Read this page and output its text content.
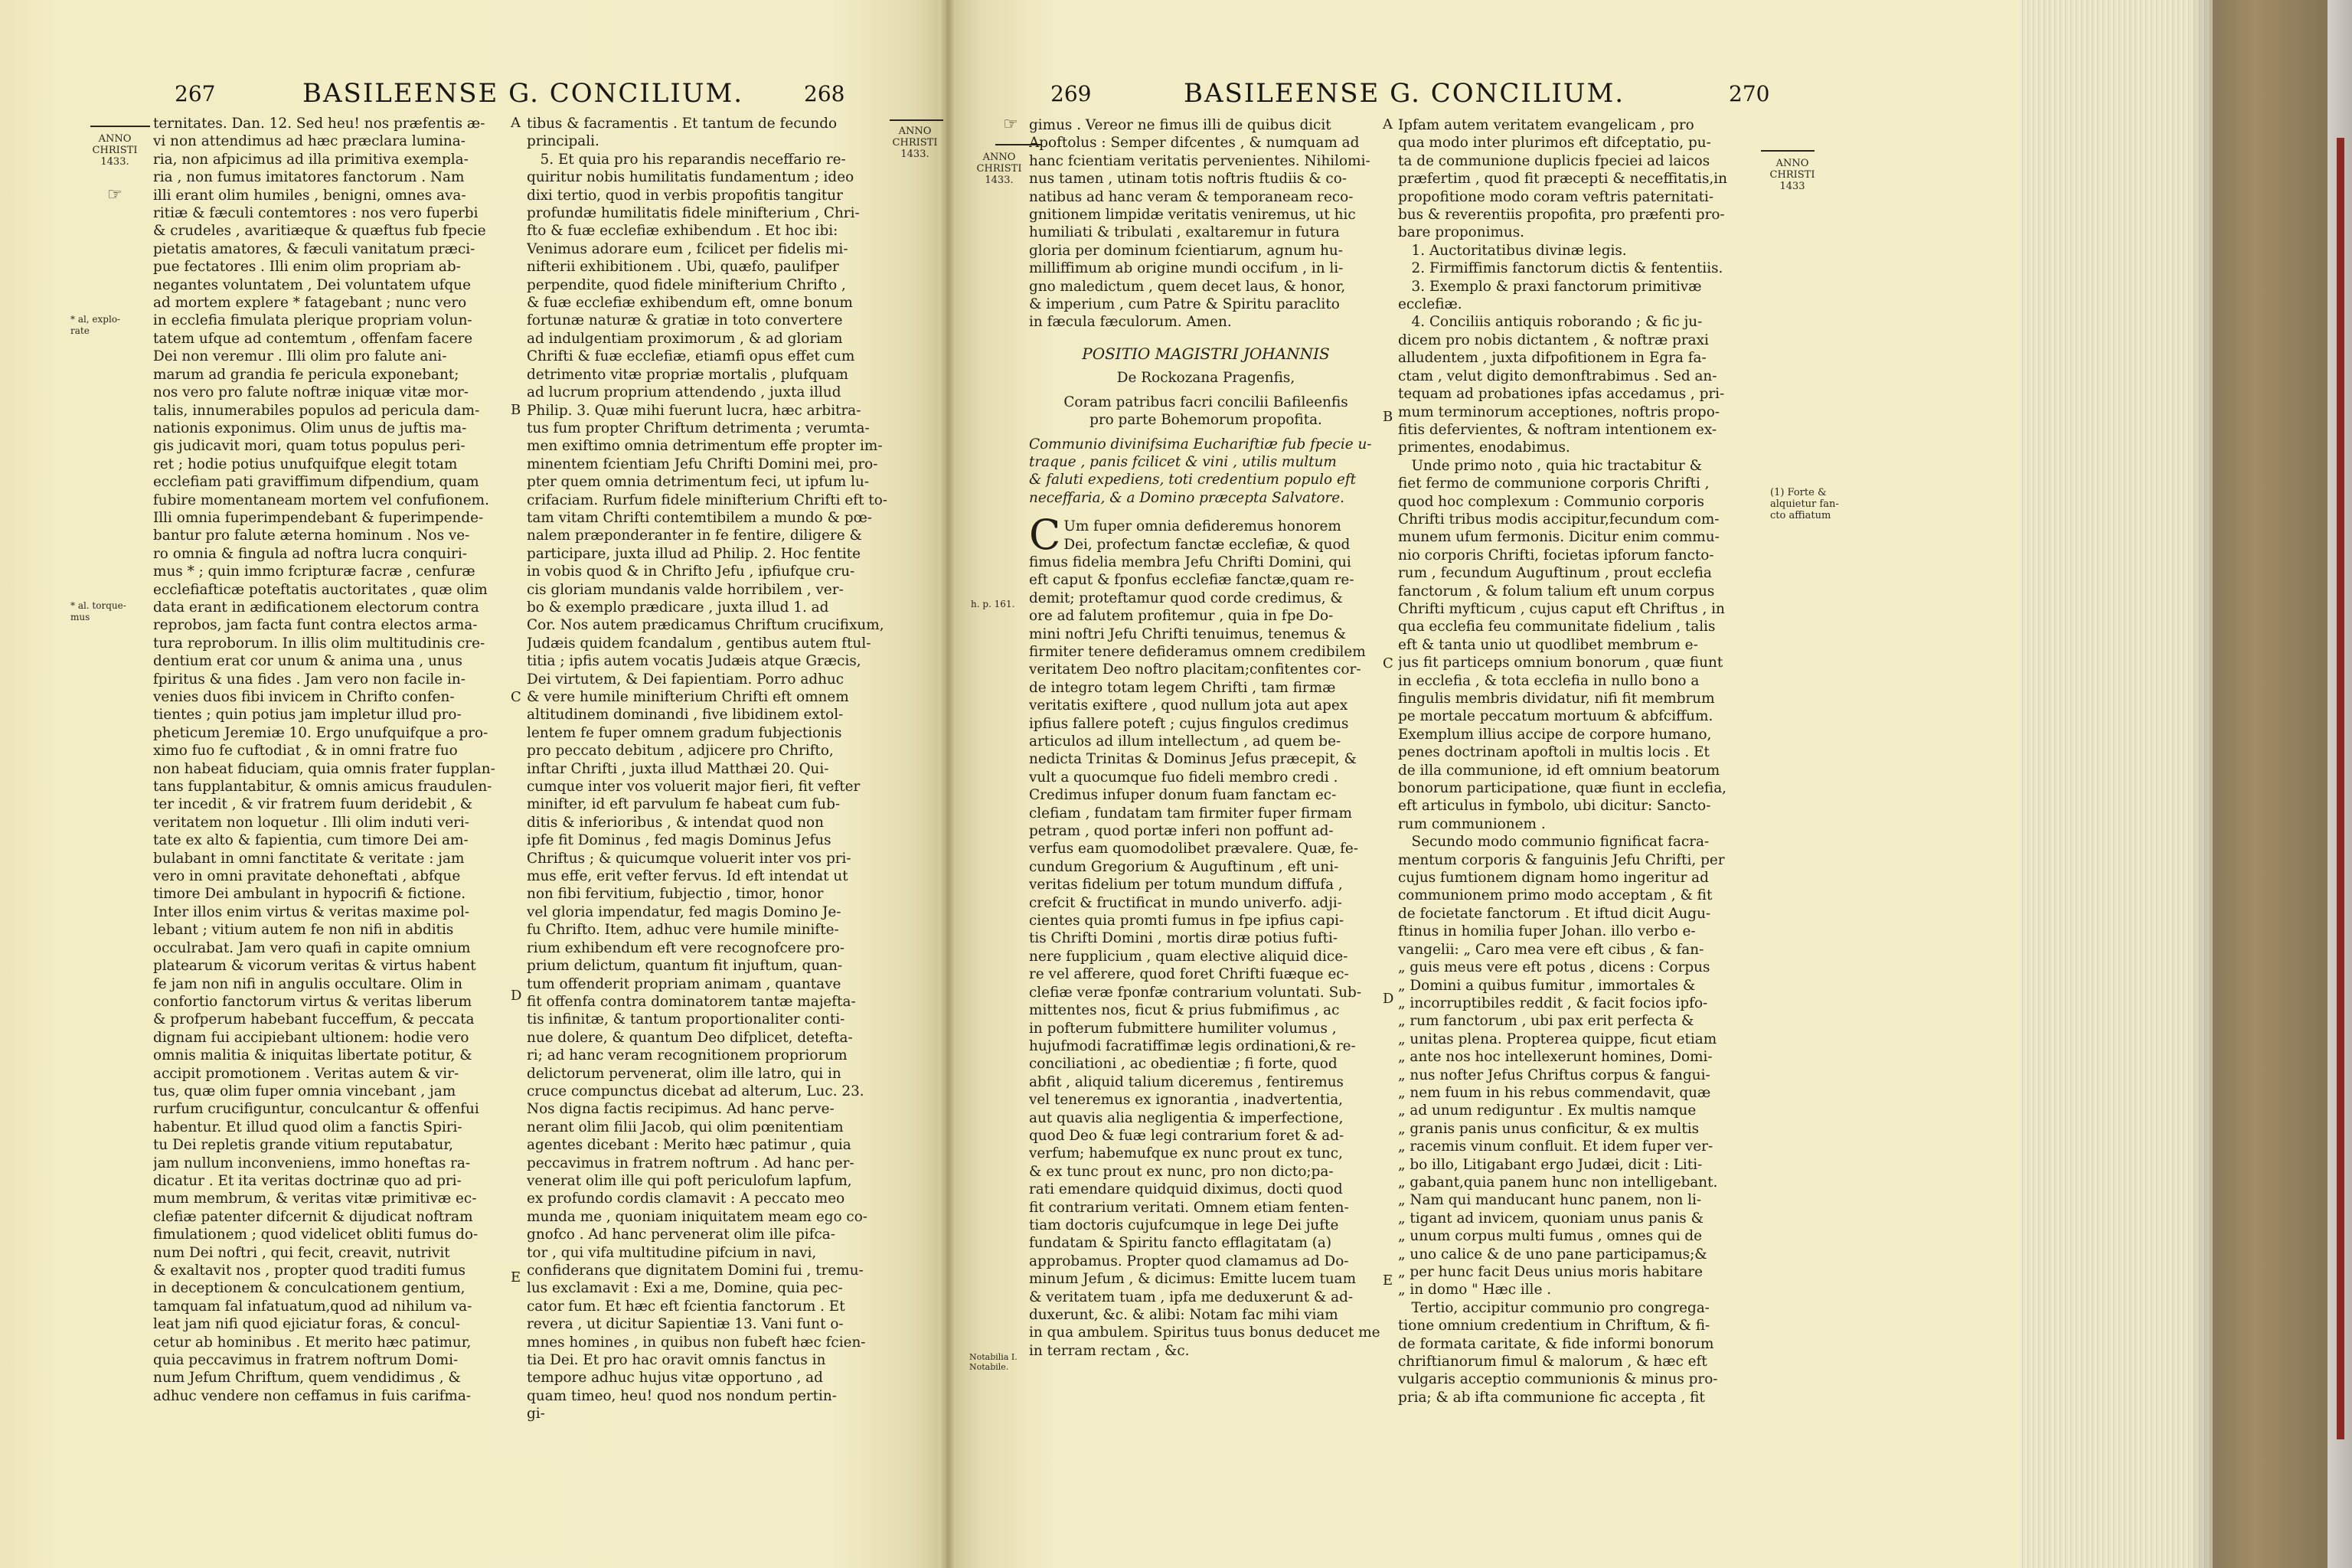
267	BASILEENSE G. CONCILIUM.	268
ANNO
CHRISTI
1433.
☞
* al, explo-
rate
* al. torque-
mus
ANNO
CHRISTI
1433.

ternitates. Dan. 12. Sed heu! nos præfentis æ-
vi non attendimus ad hæc præclara lumina-
ria, non afpicimus ad illa primitiva exempla-
ria , non fumus imitatores fanctorum . Nam
illi erant olim humiles , benigni, omnes ava-
ritiæ & fæculi contemtores : nos vero fuperbi
& crudeles , avaritiæque & quæftus fub fpecie
pietatis amatores, & fæculi vanitatum præci-
pue fectatores . Illi enim olim propriam ab-
negantes voluntatem , Dei voluntatem ufque
ad mortem explere * fatagebant ; nunc vero
in ecclefia fimulata plerique propriam volun-
tatem ufque ad contemtum , offenfam facere
Dei non veremur . Illi olim pro falute ani-
marum ad grandia fe pericula exponebant;
nos vero pro falute noftræ iniquæ vitæ mor-
talis, innumerabiles populos ad pericula dam-
nationis exponimus. Olim unus de juftis ma-
gis judicavit mori, quam totus populus peri-
ret ; hodie potius unufquifque elegit totam
ecclefiam pati graviffimum difpendium, quam
fubire momentaneam mortem vel confufionem.
Illi omnia fuperimpendebant & fuperimpende-
bantur pro falute æterna hominum . Nos ve-
ro omnia & fingula ad noftra lucra conquiri-
mus * ; quin immo fcripturæ facræ , cenfuræ
ecclefiafticæ poteftatis auctoritates , quæ olim
data erant in ædificationem electorum contra
reprobos, jam facta funt contra electos arma-
tura reproborum. In illis olim multitudinis cre-
dentium erat cor unum & anima una , unus
fpiritus & una fides . Jam vero non facile in-
venies duos fibi invicem in Chrifto confen-
tientes ; quin potius jam impletur illud pro-
pheticum Jeremiæ 10. Ergo unufquifque a pro-
ximo fuo fe cuftodiat , & in omni fratre fuo
non habeat fiduciam, quia omnis frater fupplan-
tans fupplantabitur, & omnis amicus fraudulen-
ter incedit , & vir fratrem fuum deridebit , &
veritatem non loquetur . Illi olim induti veri-
tate ex alto & fapientia, cum timore Dei am-
bulabant in omni fanctitate & veritate : jam
vero in omni pravitate dehoneftati , abfque
timore Dei ambulant in hypocrifi & fictione.
Inter illos enim virtus & veritas maxime pol-
lebant ; vitium autem fe non nifi in abditis
occulrabat. Jam vero quafi in capite omnium
platearum & vicorum veritas & virtus habent
fe jam non nifi in angulis occultare. Olim in
confortio fanctorum virtus & veritas liberum
& profperum habebant fucceffum, & peccata
dignam fui accipiebant ultionem: hodie vero
omnis malitia & iniquitas libertate potitur, &
accipit promotionem . Veritas autem & vir-
tus, quæ olim fuper omnia vincebant , jam
rurfum crucifiguntur, conculcantur & offenfui
habentur. Et illud quod olim a fanctis Spiri-
tu Dei repletis grande vitium reputabatur,
jam nullum inconveniens, immo honeftas ra-
dicatur . Et ita veritas doctrinæ quo ad pri-
mum membrum, & veritas vitæ primitivæ ec-
clefiæ patenter difcernit & dijudicat noftram
fimulationem ; quod videlicet obliti fumus do-
num Dei noftri , qui fecit, creavit, nutrivit
& exaltavit nos , propter quod traditi fumus
in deceptionem & conculcationem gentium,
tamquam fal infatuatum,quod ad nihilum va-
leat jam nifi quod ejiciatur foras, & concul-
cetur ab hominibus . Et merito hæc patimur,
quia peccavimus in fratrem noftrum Domi-
num Jefum Chriftum, quem vendidimus , &
adhuc vendere non ceffamus in fuis carifma-

A
B
C
D
E

tibus & facramentis . Et tantum de fecundo
principali.
5. Et quia pro his reparandis neceffario re-
quiritur nobis humilitatis fundamentum ; ideo
dixi tertio, quod in verbis propofitis tangitur
profundæ humilitatis fidele minifterium , Chri-
fto & fuæ ecclefiæ exhibendum . Et hoc ibi:
Venimus adorare eum , fcilicet per fidelis mi-
nifterii exhibitionem . Ubi, quæfo, paulifper
perpendite, quod fidele minifterium Chrifto ,
& fuæ ecclefiæ exhibendum eft, omne bonum
fortunæ naturæ & gratiæ in toto convertere
ad indulgentiam proximorum , & ad gloriam
Chrifti & fuæ ecclefiæ, etiamfi opus effet cum
detrimento vitæ propriæ mortalis , plufquam
ad lucrum proprium attendendo , juxta illud
Philip. 3. Quæ mihi fuerunt lucra, hæc arbitra-
tus fum propter Chriftum detrimenta ; verumta-
men exiftimo omnia detrimentum effe propter im-
minentem fcientiam Jefu Chrifti Domini mei, pro-
pter quem omnia detrimentum feci, ut ipfum lu-
crifaciam. Rurfum fidele minifterium Chrifti eft to-
tam vitam Chrifti contemtibilem a mundo & pœ-
nalem præponderanter in fe fentire, diligere &
participare, juxta illud ad Philip. 2. Hoc fentite
in vobis quod & in Chrifto Jefu , ipfiufque cru-
cis gloriam mundanis valde horribilem , ver-
bo & exemplo prædicare , juxta illud 1. ad
Cor. Nos autem prædicamus Chriftum crucifixum,
Judæis quidem fcandalum , gentibus autem ftul-
titia ; ipfis autem vocatis Judæis atque Græcis,
Dei virtutem, & Dei fapientiam. Porro adhuc
& vere humile minifterium Chrifti eft omnem
altitudinem dominandi , five libidinem extol-
lentem fe fuper omnem gradum fubjectionis
pro peccato debitum , adjicere pro Chrifto,
inftar Chrifti , juxta illud Matthæi 20. Qui-
cumque inter vos voluerit major fieri, fit vefter
minifter, id eft parvulum fe habeat cum fub-
ditis & inferioribus , & intendat quod non
ipfe fit Dominus , fed magis Dominus Jefus
Chriftus ; & quicumque voluerit inter vos pri-
mus effe, erit vefter fervus. Id eft intendat ut
non fibi fervitium, fubjectio , timor, honor
vel gloria impendatur, fed magis Domino Je-
fu Chrifto. Item, adhuc vere humile minifte-
rium exhibendum eft vere recognofcere pro-
prium delictum, quantum fit injuftum, quan-
tum offenderit propriam animam , quantave
fit offenfa contra dominatorem tantæ majefta-
tis infinitæ, & tantum proportionaliter conti-
nue dolere, & quantum Deo difplicet, detefta-
ri; ad hanc veram recognitionem propriorum
delictorum pervenerat, olim ille latro, qui in
cruce compunctus dicebat ad alterum, Luc. 23.
Nos digna factis recipimus. Ad hanc perve-
nerant olim filii Jacob, qui olim pœnitentiam
agentes dicebant : Merito hæc patimur , quia
peccavimus in fratrem noftrum . Ad hanc per-
venerat olim ille qui poft periculofum lapfum,
ex profundo cordis clamavit : A peccato meo
munda me , quoniam iniquitatem meam ego co-
gnofco . Ad hanc pervenerat olim ille pifca-
tor , qui vifa multitudine pifcium in navi,
confiderans que dignitatem Domini fui , tremu-
lus exclamavit : Exi a me, Domine, quia pec-
cator fum. Et hæc eft fcientia fanctorum . Et
revera , ut dicitur Sapientiæ 13. Vani funt o-
mnes homines , in quibus non fubeft hæc fcien-
tia Dei. Et pro hac oravit omnis fanctus in
tempore adhuc hujus vitæ opportuno , ad
quam timeo, heu! quod nos nondum pertin-
gi-

269	BASILEENSE G. CONCILIUM.	270
☞
ANNO
CHRISTI
1433.
h. p. 161.
Notabilia I.
Notabile.
ANNO
CHRISTI
1433
(1) Forte &
alquietur fan-
cto affiatum

gimus . Vereor ne fimus illi de quibus dicit
Apoftolus : Semper difcentes , & numquam ad
hanc fcientiam veritatis pervenientes. Nihilomi-
nus tamen , utinam totis noftris ftudiis & co-
natibus ad hanc veram & temporaneam reco-
gnitionem limpidæ veritatis veniremus, ut hic
humiliati & tribulati , exaltaremur in futura
gloria per dominum fcientiarum, agnum hu-
milliffimum ab origine mundi occifum , in li-
gno maledictum , quem decet laus, & honor,
& imperium , cum Patre & Spiritu paraclito
in fæcula fæculorum. Amen.

POSITIO MAGISTRI JOHANNIS

De Rockozana Pragenfis,

Coram patribus facri concilii Bafileenfis
pro parte Bohemorum propofita.

Communio divinifsima Euchariftiæ fub fpecie u-
traque , panis fcilicet & vini , utilis multum
& faluti expediens, toti credentium populo eft
neceffaria, & a Domino præcepta Salvatore.

C Um fuper omnia defideremus honorem
Dei, profectum fanctæ ecclefiæ, & quod
fimus fidelia membra Jefu Chrifti Domini, qui
eft caput & fponfus ecclefiæ fanctæ,quam re-
demit; proteftamur quod corde credimus, &
ore ad falutem profitemur , quia in fpe Do-
mini noftri Jefu Chrifti tenuimus, tenemus &
firmiter tenere defideramus omnem credibilem
veritatem Deo noftro placitam;confitentes cor-
de integro totam legem Chrifti , tam firmæ
veritatis exiftere , quod nullum jota aut apex
ipfius fallere poteft ; cujus fingulos credimus
articulos ad illum intellectum , ad quem be-
nedicta Trinitas & Dominus Jefus præcepit, &
vult a quocumque fuo fideli membro credi .
Credimus infuper donum fuam fanctam ec-
clefiam , fundatam tam firmiter fuper firmam
petram , quod portæ inferi non poffunt ad-
verfus eam quomodolibet prævalere. Quæ, fe-
cundum Gregorium & Auguftinum , eft uni-
veritas fidelium per totum mundum diffufa ,
crefcit & fructificat in mundo univerfo. adji-
cientes quia promti fumus in fpe ipfius capi-
tis Chrifti Domini , mortis diræ potius fufti-
nere fupplicium , quam elective aliquid dice-
re vel afferere, quod foret Chrifti fuæque ec-
clefiæ veræ fponfæ contrarium voluntati. Sub-
mittentes nos, ficut & prius fubmifimus , ac
in pofterum fubmittere humiliter volumus ,
hujufmodi facratiffimæ legis ordinationi,& re-
conciliationi , ac obedientiæ ; fi forte, quod
abfit , aliquid talium diceremus , fentiremus
vel teneremus ex ignorantia , inadvertentia,
aut quavis alia negligentia & imperfectione,
quod Deo & fuæ legi contrarium foret & ad-
verfum; habemufque ex nunc prout ex tunc,
& ex tunc prout ex nunc, pro non dicto;pa-
rati emendare quidquid diximus, docti quod
fit contrarium veritati. Omnem etiam fenten-
tiam doctoris cujufcumque in lege Dei jufte
fundatam & Spiritu fancto efflagitatam (a)
approbamus. Propter quod clamamus ad Do-
minum Jefum , & dicimus: Emitte lucem tuam
& veritatem tuam , ipfa me deduxerunt & ad-
duxerunt, &c. & alibi: Notam fac mihi viam
in qua ambulem. Spiritus tuus bonus deducet me
in terram rectam , &c.

A
B
C
D
E

Ipfam autem veritatem evangelicam , pro
qua modo inter plurimos eft difceptatio, pu-
ta de communione duplicis fpeciei ad laicos
præfertim , quod fit præcepti & neceffitatis,in
propofitione modo coram veftris paternitati-
bus & reverentiis propofita, pro præfenti pro-
bare proponimus.
1. Auctoritatibus divinæ legis.
2. Firmiffimis fanctorum dictis & fententiis.
3. Exemplo & praxi fanctorum primitivæ
ecclefiæ.
4. Conciliis antiquis roborando ; & fic ju-
dicem pro nobis dictantem , & noftræ praxi
alludentem , juxta difpofitionem in Egra fa-
ctam , velut digito demonftrabimus . Sed an-
tequam ad probationes ipfas accedamus , pri-
mum terminorum acceptiones, noftris propo-
fitis defervientes, & noftram intentionem ex-
primentes, enodabimus.
Unde primo noto , quia hic tractabitur &
fiet fermo de communione corporis Chrifti ,
quod hoc complexum : Communio corporis
Chrifti tribus modis accipitur,fecundum com-
munem ufum fermonis. Dicitur enim commu-
nio corporis Chrifti, focietas ipforum fancto-
rum , fecundum Auguftinum , prout ecclefia
fanctorum , & folum talium eft unum corpus
Chrifti myfticum , cujus caput eft Chriftus , in
qua ecclefia feu communitate fidelium , talis
eft & tanta unio ut quodlibet membrum e-
jus fit particeps omnium bonorum , quæ fiunt
in ecclefia , & tota ecclefia in nullo bono a
fingulis membris dividatur, nifi fit membrum
pe mortale peccatum mortuum & abfciffum.
Exemplum illius accipe de corpore humano,
penes doctrinam apoftoli in multis locis . Et
de illa communione, id eft omnium beatorum
bonorum participatione, quæ fiunt in ecclefia,
eft articulus in fymbolo, ubi dicitur: Sancto-
rum communionem .
Secundo modo communio fignificat facra-
mentum corporis & fanguinis Jefu Chrifti, per
cujus fumtionem dignam homo ingeritur ad
communionem primo modo acceptam , & fit
de focietate fanctorum . Et iftud dicit Augu-
ftinus in homilia fuper Johan. illo verbo e-
vangelii: „ Caro mea vere eft cibus , & fan-
„ guis meus vere eft potus , dicens : Corpus
„ Domini a quibus fumitur , immortales &
„ incorruptibiles reddit , & facit focios ipfo-
„ rum fanctorum , ubi pax erit perfecta &
„ unitas plena. Propterea quippe, ficut etiam
„ ante nos hoc intellexerunt homines, Domi-
„ nus nofter Jefus Chriftus corpus & fangui-
„ nem fuum in his rebus commendavit, quæ
„ ad unum rediguntur . Ex multis namque
„ granis panis unus conficitur, & ex multis
„ racemis vinum confluit. Et idem fuper ver-
„ bo illo, Litigabant ergo Judæi, dicit : Liti-
„ gabant,quia panem hunc non intelligebant.
„ Nam qui manducant hunc panem, non li-
„ tigant ad invicem, quoniam unus panis &
„ unum corpus multi fumus , omnes qui de
„ uno calice & de uno pane participamus;&
„ per hunc facit Deus unius moris habitare
„ in domo " Hæc ille .
Tertio, accipitur communio pro congrega-
tione omnium credentium in Chriftum, & fi-
de formata caritate, & fide informi bonorum
chriftianorum fimul & malorum , & hæc eft
vulgaris acceptio communionis & minus pro-
pria; & ab ifta communione fic accepta , fit
